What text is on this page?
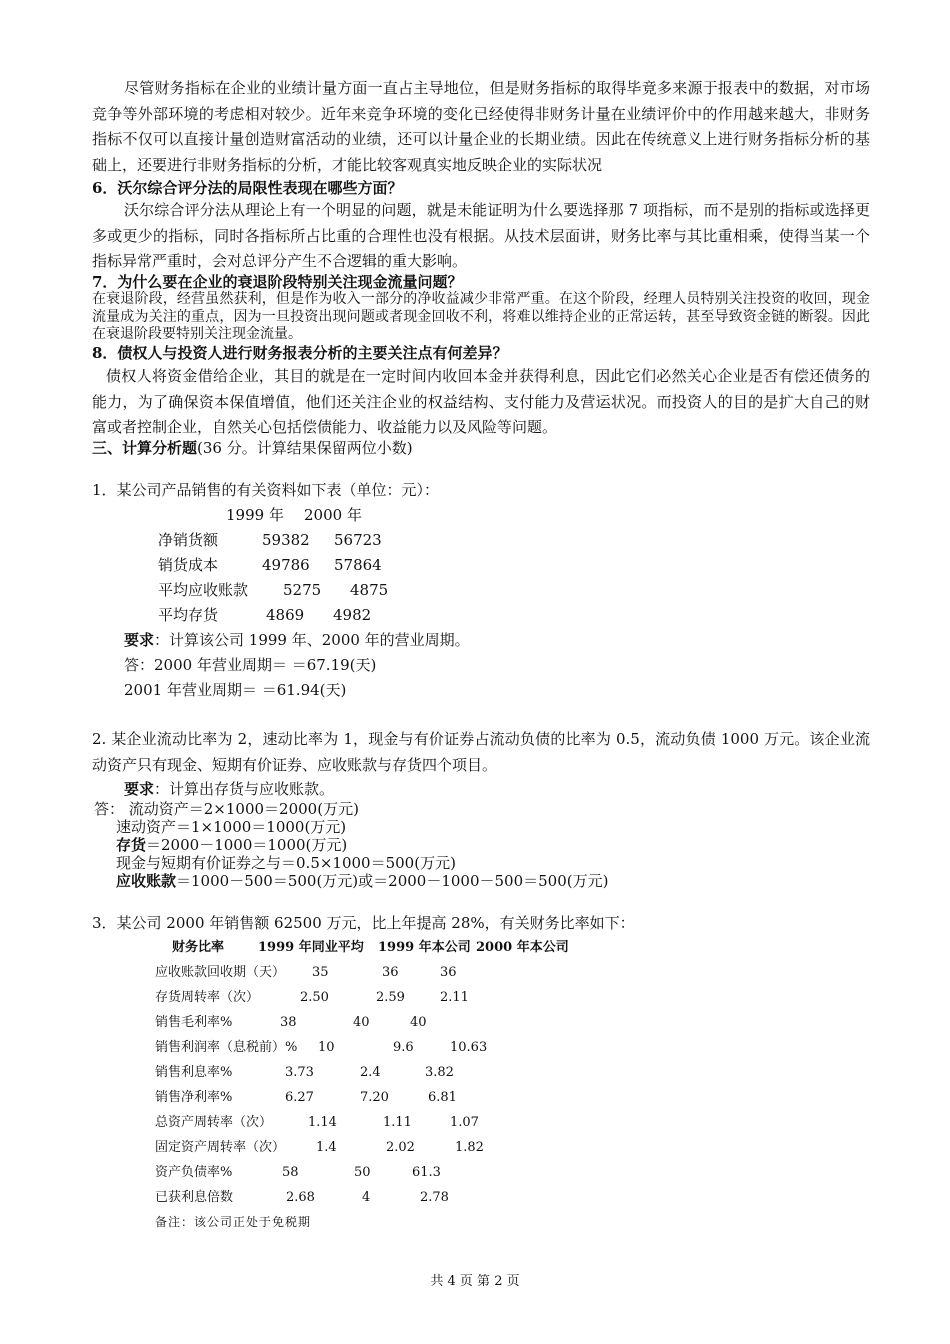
尽管财务指标在企业的业绩计量方面一直占主导地位，但是财务指标的取得毕竟多来源于报表中的数据，对市场竞争等外部环境的考虑相对较少。近年来竞争环境的变化已经使得非财务计量在业绩评价中的作用越来越大，非财务指标不仅可以直接计量创造财富活动的业绩，还可以计量企业的长期业绩。因此在传统意义上进行财务指标分析的基础上，还要进行非财务指标的分析，才能比较客观真实地反映企业的实际状况

6．沃尔综合评分法的局限性表现在哪些方面？

沃尔综合评分法从理论上有一个明显的问题，就是未能证明为什么要选择那 7 项指标，而不是别的指标或选择更多或更少的指标，同时各指标所占比重的合理性也没有根据。从技术层面讲，财务比率与其比重相乘，使得当某一个指标异常严重时，会对总评分产生不合逻辑的重大影响。

7．为什么要在企业的衰退阶段特别关注现金流量问题？

在衰退阶段，经营虽然获利，但是作为收入一部分的净收益减少非常严重。在这个阶段，经理人员特别关注投资的收回，现金流量成为关注的重点，因为一旦投资出现问题或者现金回收不利，将难以维持企业的正常运转，甚至导致资金链的断裂。因此在衰退阶段要特别关注现金流量。

8．债权人与投资人进行财务报表分析的主要关注点有何差异？

债权人将资金借给企业，其目的就是在一定时间内收回本金并获得利息，因此它们必然关心企业是否有偿还债务的能力，为了确保资本保值增值，他们还关注企业的权益结构、支付能力及营运状况。而投资人的目的是扩大自己的财富或者控制企业，自然关心包括偿债能力、收益能力以及风险等问题。

三、计算分析题(36 分。计算结果保留两位小数)

1．某公司产品销售的有关资料如下表（单位：元）：

1999 年 2000 年

净销货额	59382 56723

销货成本	49786 57864

平均应收账款 5275 4875

平均存货	4869 4982

要求：计算该公司 1999 年、2000 年的营业周期。

答：2000 年营业周期＝ ＝67.19(天)

2001 年营业周期＝ ＝61.94(天)

2. 某企业流动比率为 2，速动比率为 1，现金与有价证券占流动负债的比率为 0.5，流动负债 1000 万元。该企业流动资产只有现金、短期有价证券、应收账款与存货四个项目。

要求：计算出存货与应收账款。

答： 流动资产＝2×1000＝2000(万元)

速动资产＝1×1000＝1000(万元)

存货＝2000－1000＝1000(万元)

现金与短期有价证券之与＝0.5×1000＝500(万元)

应收账款＝1000－500＝500(万元)或＝2000－1000－500＝500(万元)

3．某公司 2000 年销售额 62500 万元，比上年提高 28%，有关财务比率如下：

财务比率	1999 年同业平均 1999 年本公司 2000 年本公司
应收账款回收期（天） 35	36	36
存货周转率（次）	2.50	2.59	2.11
销售毛利率%	38	40	40
销售利润率（息税前）% 10	9.6	10.63
销售利息率%	3.73	2.4	3.82
销售净利率%	6.27	7.20	6.81
总资产周转率（次）	1.14	1.11	1.07
固定资产周转率（次） 1.4	2.02	1.82
资产负债率%	58	50	61.3
已获利息倍数	2.68	4	2.78

备注：该公司正处于免税期

共 4 页 第 2 页
